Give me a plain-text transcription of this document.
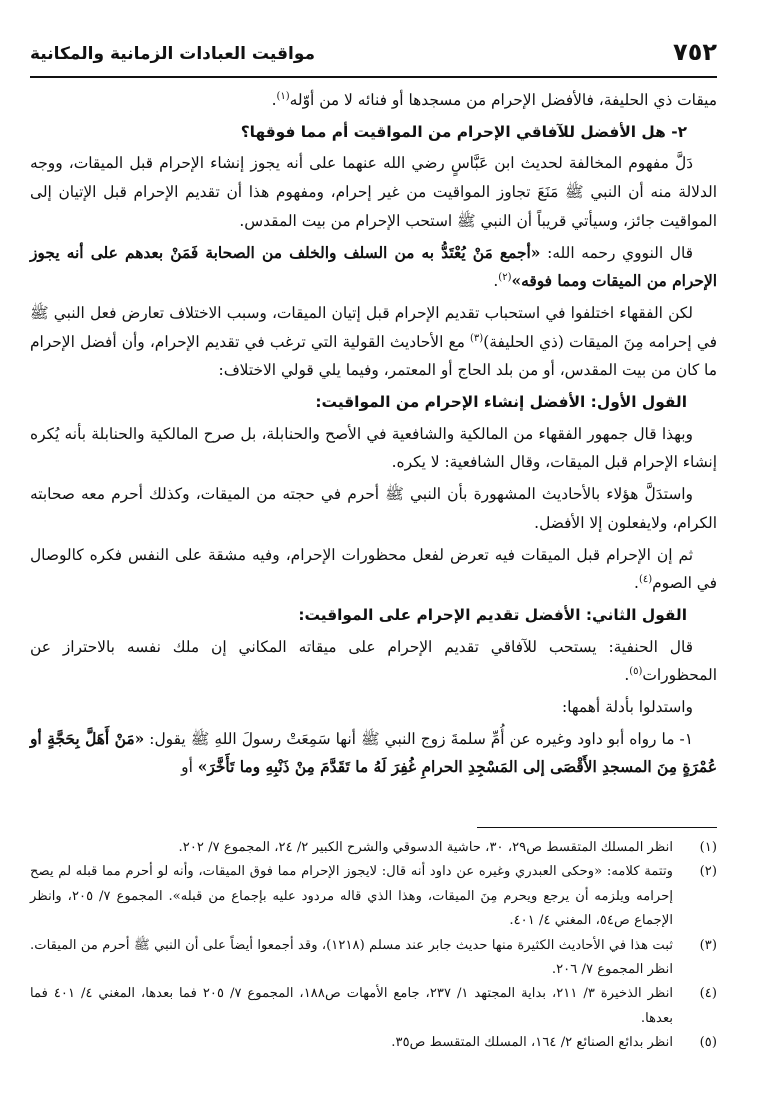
٧٥٢
مواقيت العبادات الزمانية والمكانية

ميقات ذي الحليفة، فالأفضل الإحرام من مسجدها أو فنائه لا من أوّله$^{(١)}$.

٢- هل الأفضل للآفاقي الإحرام من المواقيت أم مما فوقها؟

دَلَّ مفهوم المخالفة لحديث ابن عَبَّاسٍ رضي الله عنهما على أنه يجوز إنشاء الإحرام قبل الميقات، ووجه الدلالة منه أن النبي ﷺ مَنَعَ تجاوز المواقيت من غير إحرام، ومفهوم هذا أن تقديم الإحرام قبل الإتيان إلى المواقيت جائز، وسيأتي قريباً أن النبي ﷺ استحب الإحرام من بيت المقدس.

قال النووي رحمه الله: «أجمع مَنْ يُعْتَدُّ به من السلف والخلف من الصحابة فَمَنْ بعدهم على أنه يجوز الإحرام من الميقات ومما فوقه»$^{(٢)}$.

لكن الفقهاء اختلفوا في استحباب تقديم الإحرام قبل إتيان الميقات، وسبب الاختلاف تعارض فعل النبي ﷺ في إحرامه مِنَ الميقات (ذي الحليفة)$^{(٣)}$ مع الأحاديث القولية التي ترغب في تقديم الإحرام، وأن أفضل الإحرام ما كان من بيت المقدس، أو من بلد الحاج أو المعتمر، وفيما يلي قولي الاختلاف:

القول الأول: الأفضل إنشاء الإحرام من المواقيت:

وبهذا قال جمهور الفقهاء من المالكية والشافعية في الأصح والحنابلة، بل صرح المالكية والحنابلة بأنه يُكره إنشاء الإحرام قبل الميقات، وقال الشافعية: لا يكره.

واستدَلَّ هؤلاء بالأحاديث المشهورة بأن النبي ﷺ أحرم في حجته من الميقات، وكذلك أحرم معه صحابته الكرام، ولايفعلون إلا الأفضل.

ثم إن الإحرام قبل الميقات فيه تعرض لفعل محظورات الإحرام، وفيه مشقة على النفس فكره كالوصال في الصوم$^{(٤)}$.

القول الثاني: الأفضل تقديم الإحرام على المواقيت:

قال الحنفية: يستحب للآفاقي تقديم الإحرام على ميقاته المكاني إن ملك نفسه بالاحتراز عن المحظورات$^{(٥)}$.

واستدلوا بأدلة أهمها:

١- ما رواه أبو داود وغيره عن أُمِّ سلمةَ زوج النبي ﷺ أنها سَمِعَتْ رسولَ اللهِ ﷺ يقول: «مَنْ أَهَلَّ بِحَجَّةٍ أو عُمْرَةٍ مِنَ المسجدِ الأَقْصَى إلى المَسْجِدِ الحرامِ غُفِرَ لَهُ ما تَقَدَّمَ مِنْ ذَنْبِهِ وما تَأَخَّرَ» أو

(١)
انظر المسلك المتقسط ص٢٩، ٣٠، حاشية الدسوقي والشرح الكبير ٢/ ٢٤، المجموع ٧/ ٢٠٢.
(٢)
وتتمة كلامه: «وحكى العبدري وغيره عن داود أنه قال: لايجوز الإحرام مما فوق الميقات، وأنه لو أحرم مما قبله لم يصح إحرامه ويلزمه أن يرجع ويحرم مِنَ الميقات، وهذا الذي قاله مردود عليه بإجماع من قبله». المجموع ٧/ ٢٠٥، وانظر الإجماع ص٥٤، المغني ٤/ ٤٠١.
(٣)
ثبت هذا في الأحاديث الكثيرة منها حديث جابر عند مسلم (١٢١٨)، وقد أجمعوا أيضاً على أن النبي ﷺ أحرم من الميقات. انظر المجموع ٧/ ٢٠٦.
(٤)
انظر الذخيرة ٣/ ٢١١، بداية المجتهد ١/ ٢٣٧، جامع الأمهات ص١٨٨، المجموع ٧/ ٢٠٥ فما بعدها، المغني ٤/ ٤٠١ فما بعدها.
(٥)
انظر بدائع الصنائع ٢/ ١٦٤، المسلك المتقسط ص٣٥.
